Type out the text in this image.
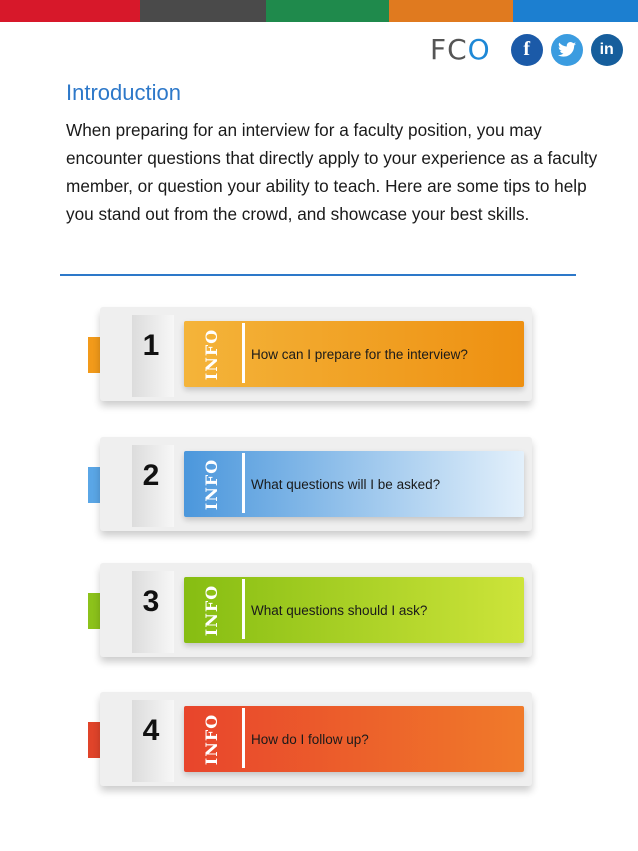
FCO f	in
Introduction
When preparing for an interview for a faculty position, you may encounter questions that directly apply to your experience as a faculty member, or question your ability to teach. Here are some tips to help you stand out from the crowd, and showcase your best skills.
1	INFO How can I prepare for the interview?
2	INFO What questions will I be asked?
3	INFO What questions should I ask?
4	INFO How do I follow up?
